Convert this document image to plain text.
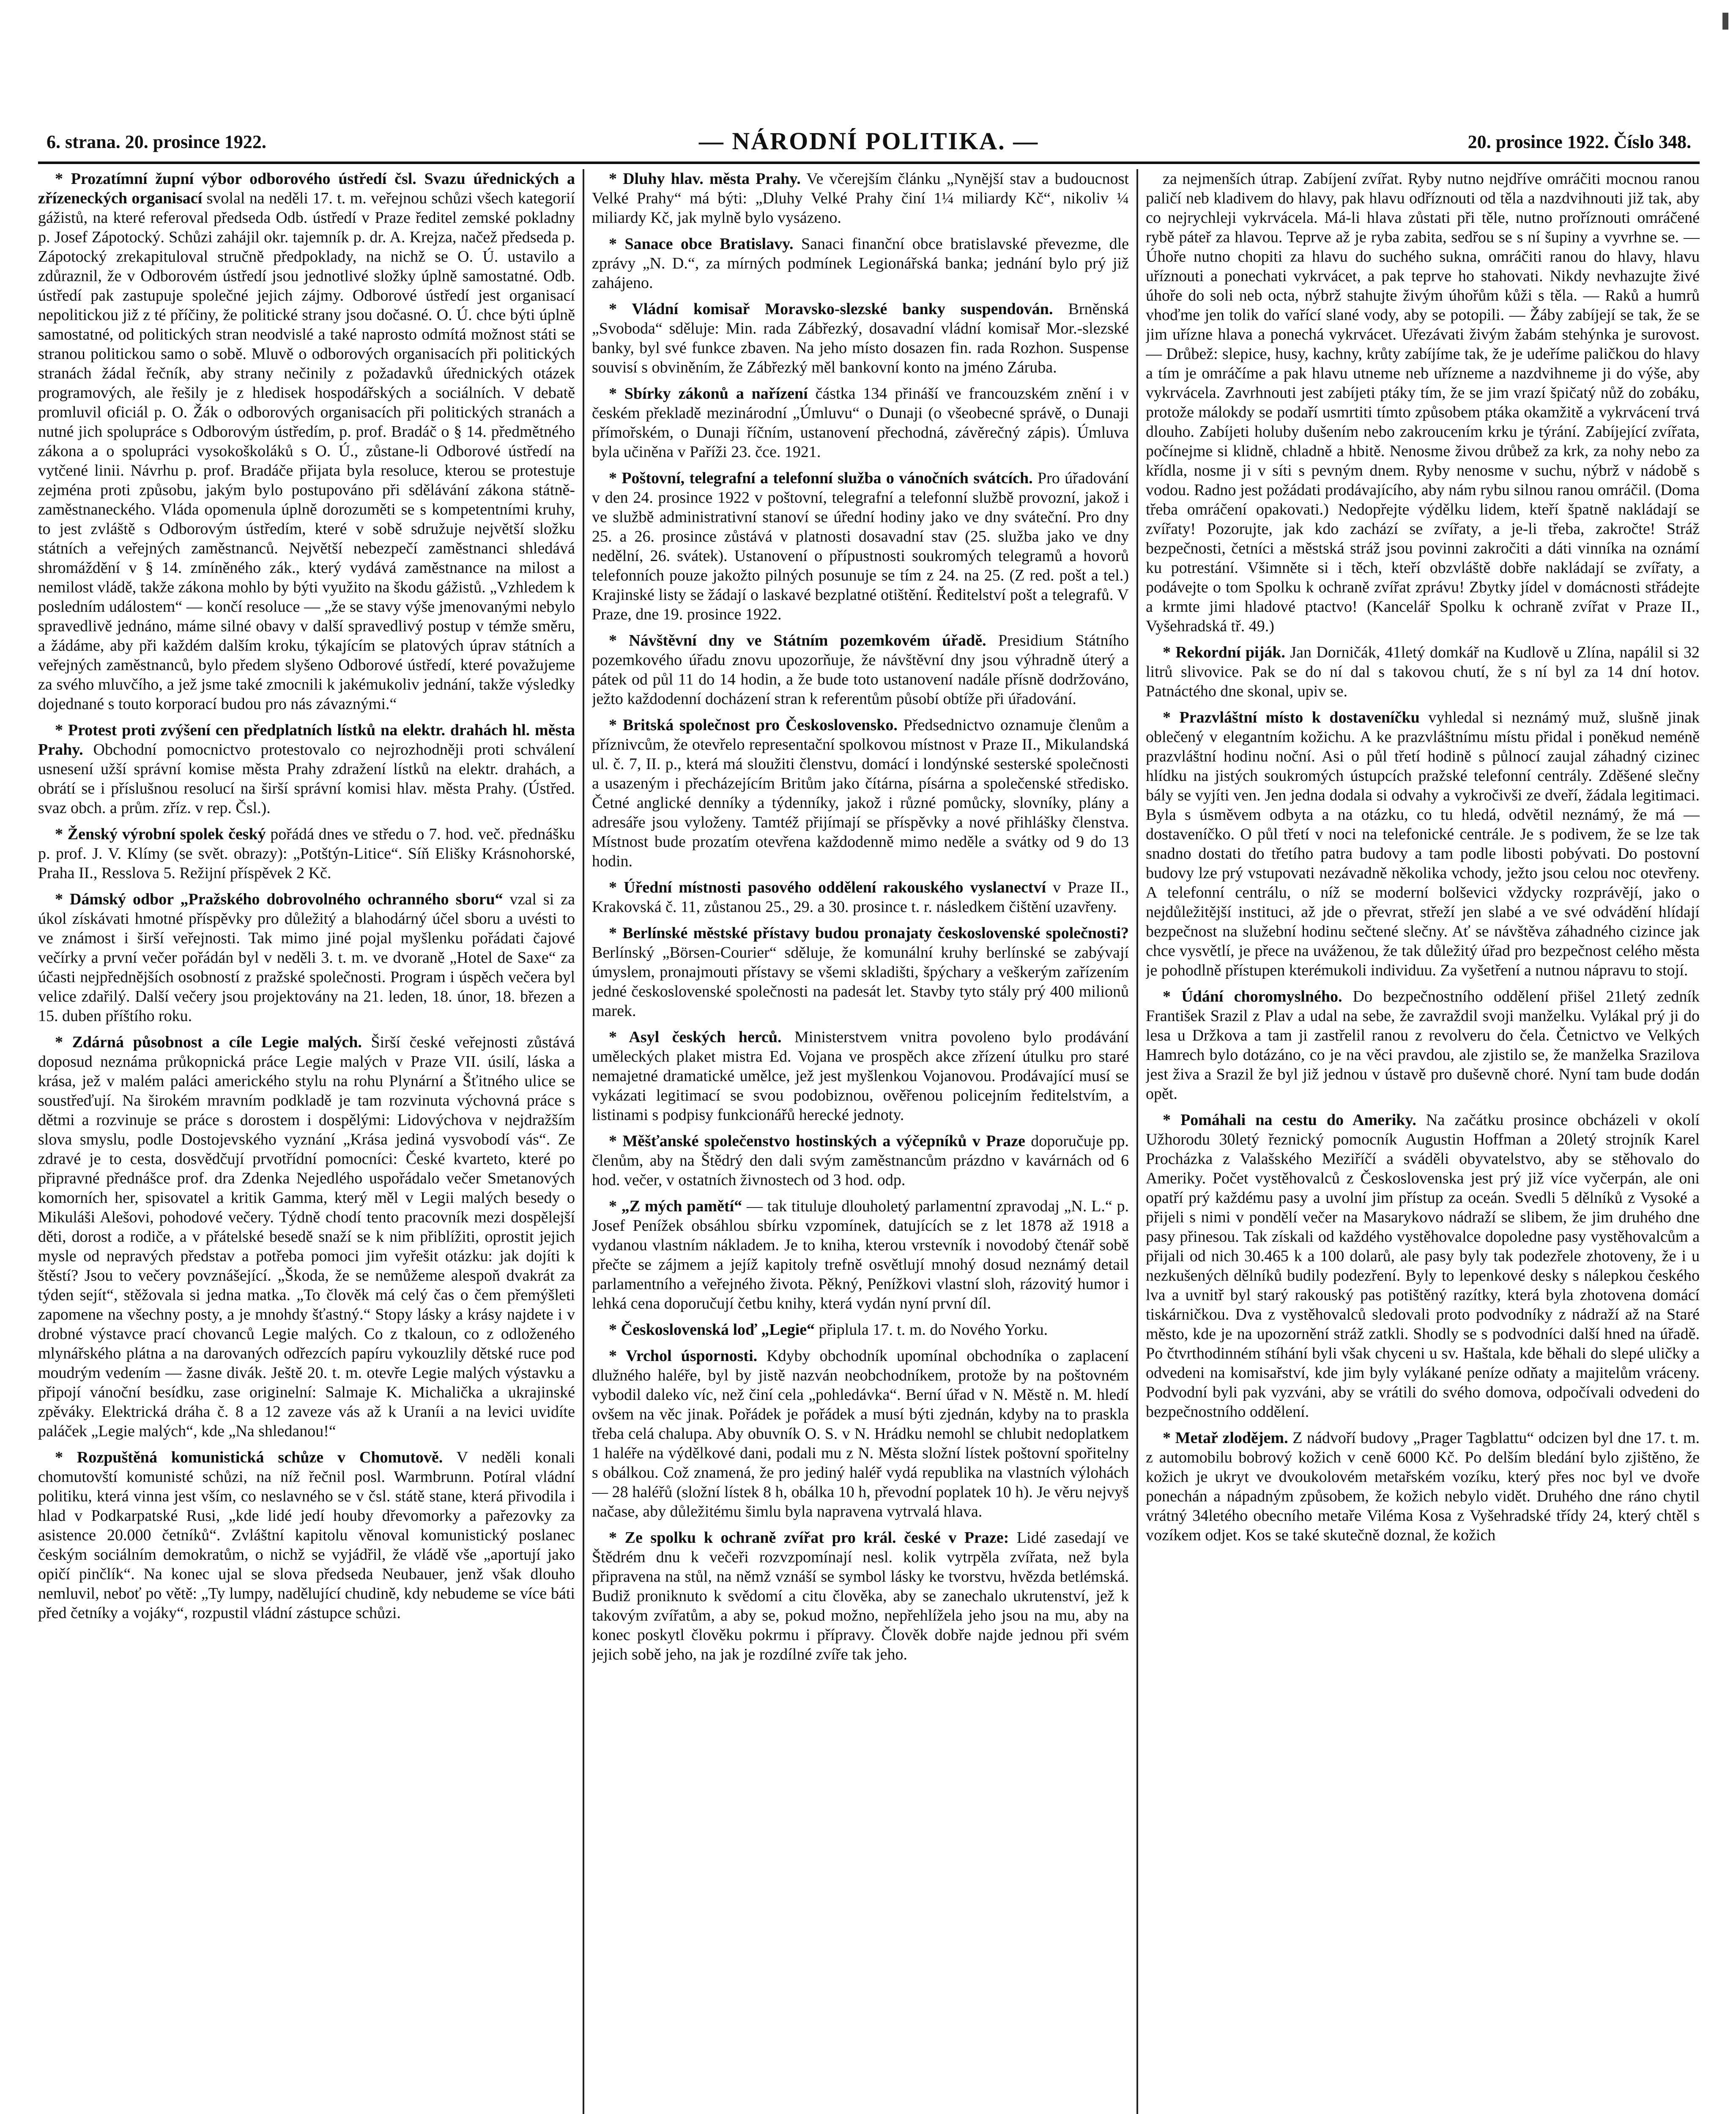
6. strana. 20. prosince 1922.	— NÁRODNÍ POLITIKA. —	20. prosince 1922. Číslo 348.

* Prozatímní župní výbor odborového ústředí čsl. Svazu úřednických a zřízeneckých organisací svolal na neděli 17. t. m. veřejnou schůzi všech kategorií gážistů, na které referoval předseda Odb. ústředí v Praze ředitel zemské pokladny p. Josef Zápotocký. Schůzi zahájil okr. tajemník p. dr. A. Krejza, načež předseda p. Zápotocký zrekapituloval stručně předpoklady, na nichž se O. Ú. ustavilo a zdůraznil, že v Odborovém ústředí jsou jednotlivé složky úplně samostatné. Odb. ústředí pak zastupuje společné jejich zájmy. Odborové ústředí jest organisací nepolitickou již z té příčiny, že politické strany jsou dočasné. O. Ú. chce býti úplně samostatné, od politických stran neodvislé a také naprosto odmítá možnost státi se stranou politickou samo o sobě. Mluvě o odborových organisacích při politických stranách žádal řečník, aby strany nečinily z požadavků úřednických otázek programových, ale řešily je z hledisek hospodářských a sociálních. V debatě promluvil oficiál p. O. Žák o odborových organisacích při politických stranách a nutné jich spolupráce s Odborovým ústředím, p. prof. Bradáč o § 14. předmětného zákona a o spolupráci vysokoškoláků s O. Ú., zůstane-li Odborové ústředí na vytčené linii. Návrhu p. prof. Bradáče přijata byla resoluce, kterou se protestuje zejména proti způsobu, jakým bylo postupováno při sdělávání zákona státně-zaměstnaneckého. Vláda opomenula úplně dorozuměti se s kompetentními kruhy, to jest zvláště s Odborovým ústředím, které v sobě sdružuje největší složku státních a veřejných zaměstnanců. Největší nebezpečí zaměstnanci shledává shromáždění v § 14. zmíněného zák., který vydává zaměstnance na milost a nemilost vládě, takže zákona mohlo by býti využito na škodu gážistů. „Vzhledem k posledním událostem“ — končí resoluce — „že se stavy výše jmenovanými nebylo spravedlivě jednáno, máme silné obavy v další spravedlivý postup v témže směru, a žádáme, aby při každém dalším kroku, týkajícím se platových úprav státních a veřejných zaměstnanců, bylo předem slyšeno Odborové ústředí, které považujeme za svého mluvčího, a jež jsme také zmocnili k jakémukoliv jednání, takže výsledky dojednané s touto korporací budou pro nás závaznými.“

* Protest proti zvýšení cen předplatních lístků na elektr. drahách hl. města Prahy. Obchodní pomocnictvo protestovalo co nejrozhodněji proti schválení usnesení užší správní komise města Prahy zdražení lístků na elektr. drahách, a obrátí se i příslušnou resolucí na širší správní komisi hlav. města Prahy. (Ústřed. svaz obch. a prům. zříz. v rep. Čsl.).

* Ženský výrobní spolek český pořádá dnes ve středu o 7. hod. več. přednášku p. prof. J. V. Klímy (se svět. obrazy): „Potštýn-Litice“. Síň Elišky Krásnohorské, Praha II., Resslova 5. Režijní příspěvek 2 Kč.

* Dámský odbor „Pražského dobrovolného ochranného sboru“ vzal si za úkol získávati hmotné příspěvky pro důležitý a blahodárný účel sboru a uvésti to ve známost i širší veřejnosti. Tak mimo jiné pojal myšlenku pořádati čajové večírky a první večer pořádán byl v neděli 3. t. m. ve dvoraně „Hotel de Saxe“ za účasti nejpřednějších osobností z pražské společnosti. Program i úspěch večera byl velice zdařilý. Další večery jsou projektovány na 21. leden, 18. únor, 18. březen a 15. duben příštího roku.

* Zdárná působnost a cíle Legie malých. Širší české veřejnosti zůstává doposud neznáma průkopnická práce Legie malých v Praze VII. úsilí, láska a krása, jež v malém paláci amerického stylu na rohu Plynární a Šťitného ulice se soustřeďují. Na širokém mravním podkladě je tam rozvinuta výchovná práce s dětmi a rozvinuje se práce s dorostem i dospělými: Lidovýchova v nejdražším slova smyslu, podle Dostojevského vyznání „Krása jediná vysvobodí vás“. Ze zdravé je to cesta, dosvědčují prvotřídní pomocníci: České kvarteto, které po připravné přednášce prof. dra Zdenka Nejedlého uspořádalo večer Smetanových komorních her, spisovatel a kritik Gamma, který měl v Legii malých besedy o Mikuláši Alešovi, pohodové večery. Týdně chodí tento pracovník mezi dospělejší děti, dorost a rodiče, a v přátelské besedě snaží se k nim přiblížiti, oprostit jejich mysle od nepravých představ a potřeba pomoci jim vyřešit otázku: jak dojíti k štěstí? Jsou to večery povznášející. „Škoda, že se nemůžeme alespoň dvakrát za týden sejít“, stěžovala si jedna matka. „To člověk má celý čas o čem přemýšleti zapomene na všechny posty, a je mnohdy šťastný.“ Stopy lásky a krásy najdete i v drobné výstavce prací chovanců Legie malých. Co z tkaloun, co z odloženého mlynářského plátna a na darovaných odřezcích papíru vykouzlily dětské ruce pod moudrým vedením — žasne divák. Ještě 20. t. m. otevře Legie malých výstavku a připojí vánoční besídku, zase originelní: Salmaje K. Michalička a ukrajinské zpěváky. Elektrická dráha č. 8 a 12 zaveze vás až k Uraníi a na levici uvidíte paláček „Legie malých“, kde „Na shledanou!“

* Rozpuštěná komunistická schůze v Chomutově. V neděli konali chomutovští komunisté schůzi, na níž řečnil posl. Warmbrunn. Potíral vládní politiku, která vinna jest vším, co neslavného se v čsl. státě stane, která přivodila i hlad v Podkarpatské Rusi, „kde lidé jedí houby dřevomorky a pařezovky za asistence 20.000 četníků“. Zvláštní kapitolu věnoval komunistický poslanec českým sociálním demokratům, o nichž se vyjádřil, že vládě vše „aportují jako opičí pinčlík“. Na konec ujal se slova předseda Neubauer, jenž však dlouho nemluvil, neboť po větě: „Ty lumpy, nadělující chudině, kdy nebudeme se více báti před četníky a vojáky“, rozpustil vládní zástupce schůzi.

* Dluhy hlav. města Prahy. Ve včerejším článku „Nynější stav a budoucnost Velké Prahy“ má býti: „Dluhy Velké Prahy činí 1¼ miliardy Kč“, nikoliv ¼ miliardy Kč, jak mylně bylo vysázeno.

* Sanace obce Bratislavy. Sanaci finanční obce bratislavské převezme, dle zprávy „N. D.“, za mírných podmínek Legionářská banka; jednání bylo prý již zahájeno.

* Vládní komisař Moravsko-slezské banky suspendován. Brněnská „Svoboda“ sděluje: Min. rada Zábřezký, dosavadní vládní komisař Mor.-slezské banky, byl své funkce zbaven. Na jeho místo dosazen fin. rada Rozhon. Suspense souvisí s obviněním, že Zábřezký měl bankovní konto na jméno Záruba.

* Sbírky zákonů a nařízení částka 134 přináší ve francouzském znění i v českém překladě mezinárodní „Úmluvu“ o Dunaji (o všeobecné správě, o Dunaji přímořském, o Dunaji říčním, ustanovení přechodná, závěrečný zápis). Úmluva byla učiněna v Paříži 23. čce. 1921.

* Poštovní, telegrafní a telefonní služba o vánočních svátcích. Pro úřadování v den 24. prosince 1922 v poštovní, telegrafní a telefonní službě provozní, jakož i ve službě administrativní stanoví se úřední hodiny jako ve dny sváteční. Pro dny 25. a 26. prosince zůstává v platnosti dosavadní stav (25. služba jako ve dny nedělní, 26. svátek). Ustanovení o přípustnosti soukromých telegramů a hovorů telefonních pouze jakožto pilných posunuje se tím z 24. na 25. (Z red. pošt a tel.) Krajinské listy se žádají o laskavé bezplatné otištění. Ředitelství pošt a telegrafů. V Praze, dne 19. prosince 1922.

* Návštěvní dny ve Státním pozemkovém úřadě. Presidium Státního pozemkového úřadu znovu upozorňuje, že návštěvní dny jsou výhradně úterý a pátek od půl 11 do 14 hodin, a že bude toto ustanovení nadále přísně dodržováno, ježto každodenní docházení stran k referentům působí obtíže při úřadování.

* Britská společnost pro Československo. Předsednictvo oznamuje členům a příznivcům, že otevřelo representační spolkovou místnost v Praze II., Mikulandská ul. č. 7, II. p., která má sloužiti členstvu, domácí i londýnské sesterské společnosti a usazeným i přecházejícím Britům jako čítárna, písárna a společenské středisko. Četné anglické denníky a týdenníky, jakož i různé pomůcky, slovníky, plány a adresáře jsou vyloženy. Tamtéž přijímají se příspěvky a nové přihlášky členstva. Místnost bude prozatím otevřena každodenně mimo neděle a svátky od 9 do 13 hodin.

* Úřední místnosti pasového oddělení rakouského vyslanectví v Praze II., Krakovská č. 11, zůstanou 25., 29. a 30. prosince t. r. následkem čištění uzavřeny.

* Berlínské městské přístavy budou pronajaty československé společnosti? Berlínský „Börsen-Courier“ sděluje, že komunální kruhy berlínské se zabývají úmyslem, pronajmouti přístavy se všemi skladišti, špýchary a veškerým zařízením jedné československé společnosti na padesát let. Stavby tyto stály prý 400 milionů marek.

* Asyl českých herců. Ministerstvem vnitra povoleno bylo prodávání uměleckých plaket mistra Ed. Vojana ve prospěch akce zřízení útulku pro staré nemajetné dramatické umělce, jež jest myšlenkou Vojanovou. Prodávající musí se vykázati legitimací se svou podobiznou, ověřenou policejním ředitelstvím, a listinami s podpisy funkcionářů herecké jednoty.

* Měšťanské společenstvo hostinských a výčepníků v Praze doporučuje pp. členům, aby na Štědrý den dali svým zaměstnancům prázdno v kavárnách od 6 hod. večer, v ostatních živnostech od 3 hod. odp.

* „Z mých pamětí“ — tak tituluje dlouholetý parlamentní zpravodaj „N. L.“ p. Josef Penížek obsáhlou sbírku vzpomínek, datujících se z let 1878 až 1918 a vydanou vlastním nákladem. Je to kniha, kterou vrstevník i novodobý čtenář sobě přečte se zájmem a jejíž kapitoly trefně osvětlují mnohý dosud neznámý detail parlamentního a veřejného života. Pěkný, Penížkovi vlastní sloh, rázovitý humor i lehká cena doporučují četbu knihy, která vydán nyní první díl.

* Československá loď „Legie“ připlula 17. t. m. do Nového Yorku.

* Vrchol úspornosti. Kdyby obchodník upomínal obchodníka o zaplacení dlužného haléře, byl by jistě nazván neobchodníkem, protože by na poštovném vybodil daleko víc, než činí cela „pohledávka“. Berní úřad v N. Městě n. M. hledí ovšem na věc jinak. Pořádek je pořádek a musí býti zjednán, kdyby na to praskla třeba celá chalupa. Aby obuvník O. S. v N. Hrádku nemohl se chlubit nedoplatkem 1 haléře na výdělkové dani, podali mu z N. Města složní lístek poštovní spořitelny s obálkou. Což znamená, že pro jediný haléř vydá republika na vlastních výlohách — 28 haléřů (složní lístek 8 h, obálka 10 h, převodní poplatek 10 h). Je věru nejvyš načase, aby důležitému šimlu byla napravena vytrvalá hlava.

* Ze spolku k ochraně zvířat pro král. české v Praze: Lidé zasedají ve Štědrém dnu k večeři rozvzpomínají nesl. kolik vytrpěla zvířata, než byla připravena na stůl, na němž vznáší se symbol lásky ke tvorstvu, hvězda betlémská. Budiž proniknuto k svědomí a citu člověka, aby se zanechalo ukrutenství, jež k takovým zvířatům, a aby se, pokud možno, nepřehlížela jeho jsou na mu, aby na konec poskytl člověku pokrmu i přípravy. Člověk dobře najde jednou při svém jejich sobě jeho, na jak je rozdílné zvíře tak jeho.

za nejmenších útrap. Zabíjení zvířat. Ryby nutno nejdříve omráčiti mocnou ranou paličí neb kladivem do hlavy, pak hlavu odříznouti od těla a nazdvihnouti již tak, aby co nejrychleji vykrvácela. Má-li hlava zůstati při těle, nutno proříznouti omráčené rybě páteř za hlavou. Teprve až je ryba zabita, sedřou se s ní šupiny a vyvrhne se. — Úhoře nutno chopiti za hlavu do suchého sukna, omráčiti ranou do hlavy, hlavu uříznouti a ponechati vykrvácet, a pak teprve ho stahovati. Nikdy nevhazujte živé úhoře do soli neb octa, nýbrž stahujte živým úhořům kůži s těla. — Raků a humrů vhoďme jen tolik do vařící slané vody, aby se potopili. — Žáby zabíjejí se tak, že se jim uřízne hlava a ponechá vykrvácet. Uřezávati živým žabám stehýnka je surovost. — Drůbež: slepice, husy, kachny, krůty zabíjíme tak, že je udeříme paličkou do hlavy a tím je omráčíme a pak hlavu utneme neb uřízneme a nazdvihneme ji do výše, aby vykrvácela. Zavrhnouti jest zabíjeti ptáky tím, že se jim vrazí špičatý nůž do zobáku, protože málokdy se podaří usmrtiti tímto způsobem ptáka okamžitě a vykrvácení trvá dlouho. Zabíjeti holuby dušením nebo zakroucením krku je týrání. Zabíjející zvířata, počínejme si klidně, chladně a hbitě. Nenosme živou drůbež za krk, za nohy nebo za křídla, nosme ji v síti s pevným dnem. Ryby nenosme v suchu, nýbrž v nádobě s vodou. Radno jest požádati prodávajícího, aby nám rybu silnou ranou omráčil. (Doma třeba omráčení opakovati.) Nedopřejte výdělku lidem, kteří špatně nakládají se zvířaty! Pozorujte, jak kdo zachází se zvířaty, a je-li třeba, zakročte! Stráž bezpečnosti, četníci a městská stráž jsou povinni zakročiti a dáti vinníka na oznámí ku potrestání. Všimněte si i těch, kteří obzvláště dobře nakládají se zvířaty, a podávejte o tom Spolku k ochraně zvířat zprávu! Zbytky jídel v domácnosti střádejte a krmte jimi hladové ptactvo! (Kancelář Spolku k ochraně zvířat v Praze II., Vyšehradská tř. 49.)

* Rekordní piják. Jan Dorničák, 41letý domkář na Kudlově u Zlína, napálil si 32 litrů slivovice. Pak se do ní dal s takovou chutí, že s ní byl za 14 dní hotov. Patnáctého dne skonal, upiv se.

* Prazvláštní místo k dostaveníčku vyhledal si neznámý muž, slušně jinak oblečený v elegantním kožichu. A ke prazvláštnímu místu přidal i poněkud neméně prazvláštní hodinu noční. Asi o půl třetí hodině s půlnocí zaujal záhadný cizinec hlídku na jistých soukromých ústupcích pražské telefonní centrály. Zděšené slečny bály se vyjíti ven. Jen jedna dodala si odvahy a vykročivši ze dveří, žádala legitimaci. Byla s úsměvem odbyta a na otázku, co tu hledá, odvětil neznámý, že má — dostaveníčko. O půl třetí v noci na telefonické centrále. Je s podivem, že se lze tak snadno dostati do třetího patra budovy a tam podle libosti pobývati. Do postovní budovy lze prý vstupovati nezávadně několika vchody, ježto jsou celou noc otevřeny. A telefonní centrálu, o níž se moderní bolševici vždycky rozprávějí, jako o nejdůležitější instituci, až jde o převrat, střeží jen slabé a ve své odvádění hlídají bezpečnost na služební hodinu sečtené slečny. Ať se návštěva záhadného cizince jak chce vysvětlí, je přece na uváženou, že tak důležitý úřad pro bezpečnost celého města je pohodlně přístupen kterémukoli individuu. Za vyšetření a nutnou nápravu to stojí.

* Údání choromyslného. Do bezpečnostního oddělení přišel 21letý zedník František Srazil z Plav a udal na sebe, že zavraždil svoji manželku. Vylákal prý ji do lesa u Držkova a tam ji zastřelil ranou z revolveru do čela. Četnictvo ve Velkých Hamrech bylo dotázáno, co je na věci pravdou, ale zjistilo se, že manželka Srazilova jest živa a Srazil že byl již jednou v ústavě pro duševně choré. Nyní tam bude dodán opět.

* Pomáhali na cestu do Ameriky. Na začátku prosince obcházeli v okolí Užhorodu 30letý řeznický pomocník Augustin Hoffman a 20letý strojník Karel Procházka z Valašského Meziříčí a sváděli obyvatelstvo, aby se stěhovalo do Ameriky. Počet vystěhovalců z Československa jest prý již více vyčerpán, ale oni opatří prý každému pasy a uvolní jim přístup za oceán. Svedli 5 dělníků z Vysoké a přijeli s nimi v pondělí večer na Masarykovo nádraží se slibem, že jim druhého dne pasy přinesou. Tak získali od každého vystěhovalce dopoledne pasy vystěhovalcům a přijali od nich 30.465 k a 100 dolarů, ale pasy byly tak podezřele zhotoveny, že i u nezkušených dělníků budily podezření. Byly to lepenkové desky s nálepkou českého lva a uvnitř byl starý rakouský pas potištěný razítky, která byla zhotovena domácí tiskárničkou. Dva z vystěhovalců sledovali proto podvodníky z nádraží až na Staré město, kde je na upozornění stráž zatkli. Shodly se s podvodníci další hned na úřadě. Po čtvrthodinném stíhání byli však chyceni u sv. Haštala, kde běhali do slepé uličky a odvedeni na komisařství, kde jim byly vylákané peníze odňaty a majitelům vráceny. Podvodní byli pak vyzváni, aby se vrátili do svého domova, odpočívali odvedeni do bezpečnostního oddělení.

* Metař zlodějem. Z nádvoří budovy „Prager Tagblattu“ odcizen byl dne 17. t. m. z automobilu bobrový kožich v ceně 6000 Kč. Po delším bledání bylo zjištěno, že kožich je ukryt ve dvoukolovém metařském vozíku, který přes noc byl ve dvoře ponechán a nápadným způsobem, že kožich nebylo vidět. Druhého dne ráno chytil vrátný 34letého obecního metaře Viléma Kosa z Vyšehradské třídy 24, který chtěl s vozíkem odjet. Kos se také skutečně doznal, že kožich
